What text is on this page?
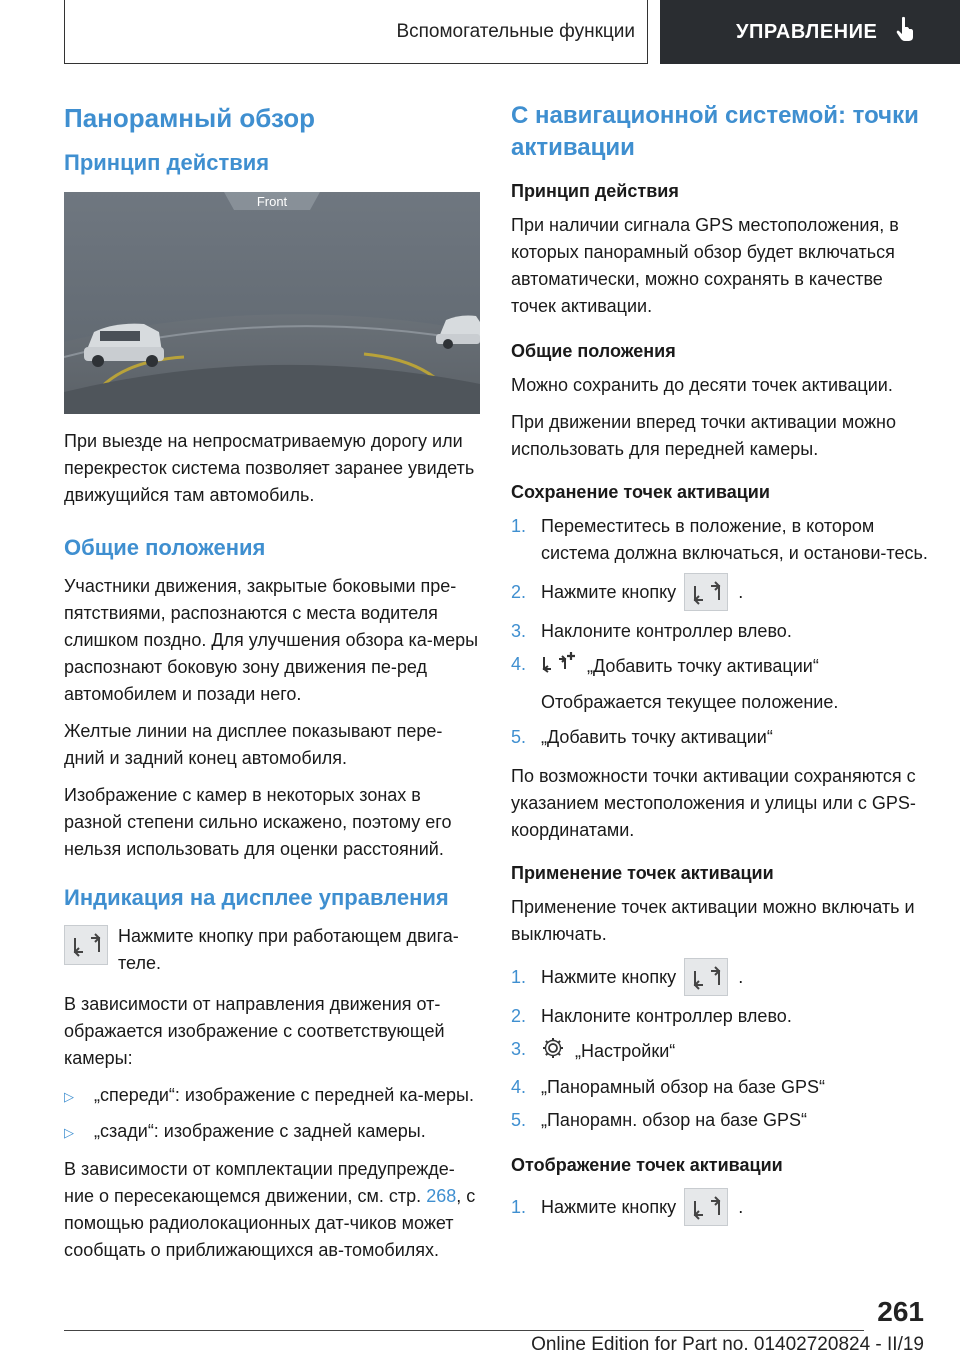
Вспомогательные функции	УПРАВЛЕНИЕ
Панорамный обзор
Принцип действия
Front

При выезде на непросматриваемую дорогу или перекресток система позволяет заранее увидеть движущийся там автомобиль.

Общие положения

Участники движения, закрытые боковыми пре-пятствиями, распознаются с места водителя слишком поздно. Для улучшения обзора ка-меры распознают боковую зону движения пе-ред автомобилем и позади него.

Желтые линии на дисплее показывают пере-дний и задний конец автомобиля.

Изображение с камер в некоторых зонах в разной степени сильно искажено, поэтому его нельзя использовать для оценки расстояний.

Индикация на дисплее управления

Нажмите кнопку при работающем двига-теле.

В зависимости от направления движения от-ображается изображение с соответствующей камеры:

▷	„спереди“: изображение с передней ка-меры.
▷	„сзади“: изображение с задней камеры.

В зависимости от комплектации предупрежде-ние о пересекающемся движении, см. стр. 268, с помощью радиолокационных дат-чиков может сообщать о приближающихся ав-томобилях.

С навигационной системой: точки активации
Принцип действия

При наличии сигнала GPS местоположения, в которых панорамный обзор будет включаться автоматически, можно сохранять в качестве точек активации.

Общие положения

Можно сохранить до десяти точек активации.

При движении вперед точки активации можно использовать для передней камеры.

Сохранение точек активации
1. Переместитесь в положение, в котором система должна включаться, и останови-тесь.
2. Нажмите кнопку	.
3. Наклоните контроллер влево.
4.	„Добавить точку активации“
Отображается текущее положение.
5. „Добавить точку активации“

По возможности точки активации сохраняются с указанием местоположения и улицы или с GPS-координатами.

Применение точек активации

Применение точек активации можно включать и выключать.

1. Нажмите кнопку	.
2. Наклоните контроллер влево.
3.	„Настройки“
4. „Панорамный обзор на базе GPS“
5. „Панорамн. обзор на базе GPS“
Отображение точек активации
1. Нажмите кнопку	.
261
Online Edition for Part no. 01402720824 - II/19
